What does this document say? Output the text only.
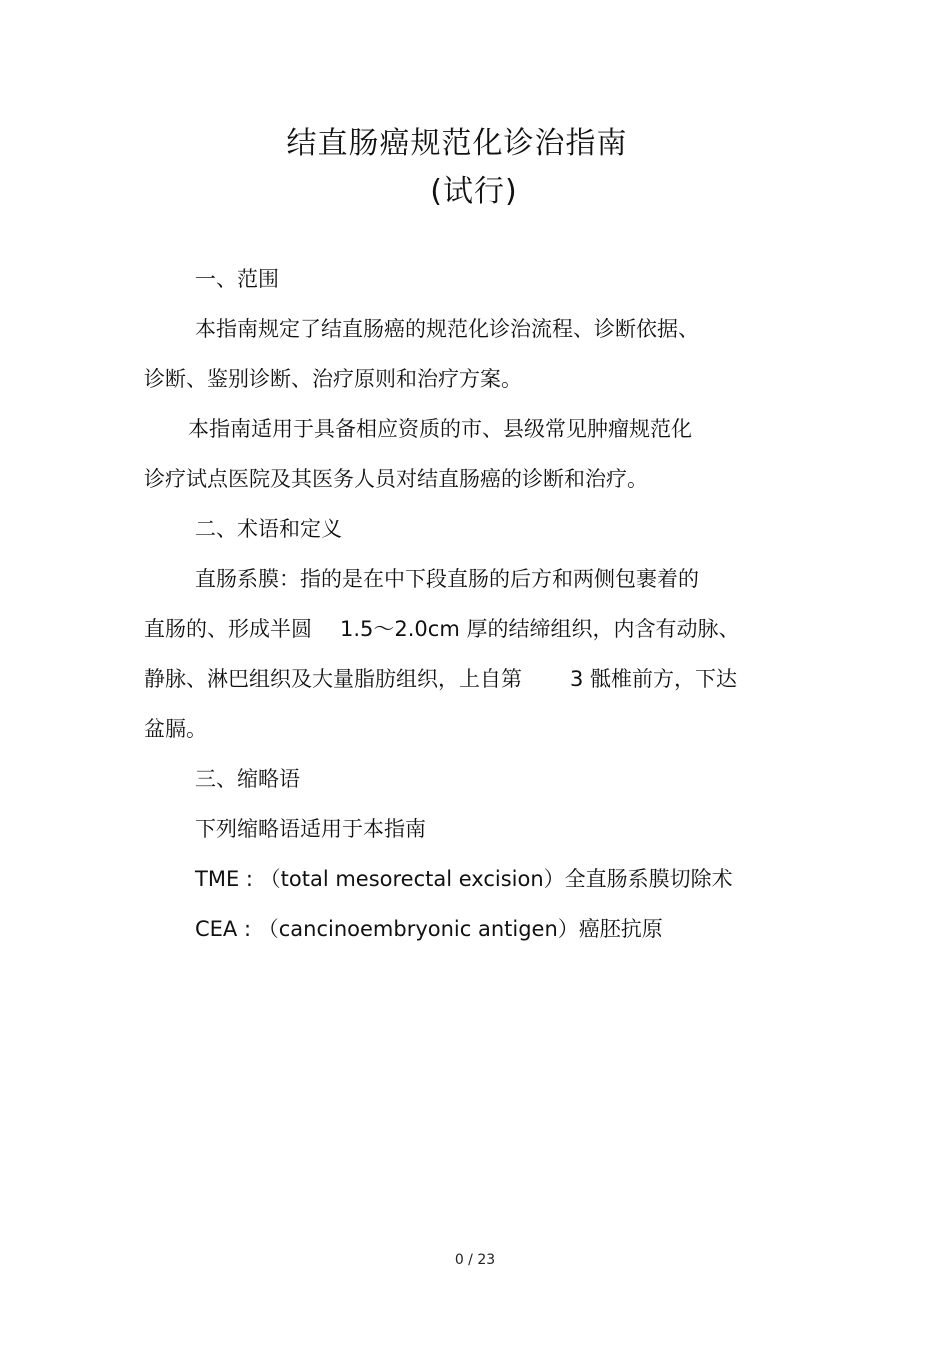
结直肠癌规范化诊治指南
(试行)

一、范围

本指南规定了结直肠癌的规范化诊治流程、诊断依据、

诊断、鉴别诊断、治疗原则和治疗方案。

本指南适用于具备相应资质的市、县级常见肿瘤规范化

诊疗试点医院及其医务人员对结直肠癌的诊断和治疗。

二、术语和定义

直肠系膜：指的是在中下段直肠的后方和两侧包裹着的

直肠的、形成半圆 1.5～2.0cm 厚的结缔组织，内含有动脉、

静脉、淋巴组织及大量脂肪组织，上自第 3 骶椎前方，下达

盆膈。

三、缩略语

下列缩略语适用于本指南

TME : （total mesorectal excision）全直肠系膜切除术

CEA : （cancinoembryonic antigen）癌胚抗原

0 / 23
